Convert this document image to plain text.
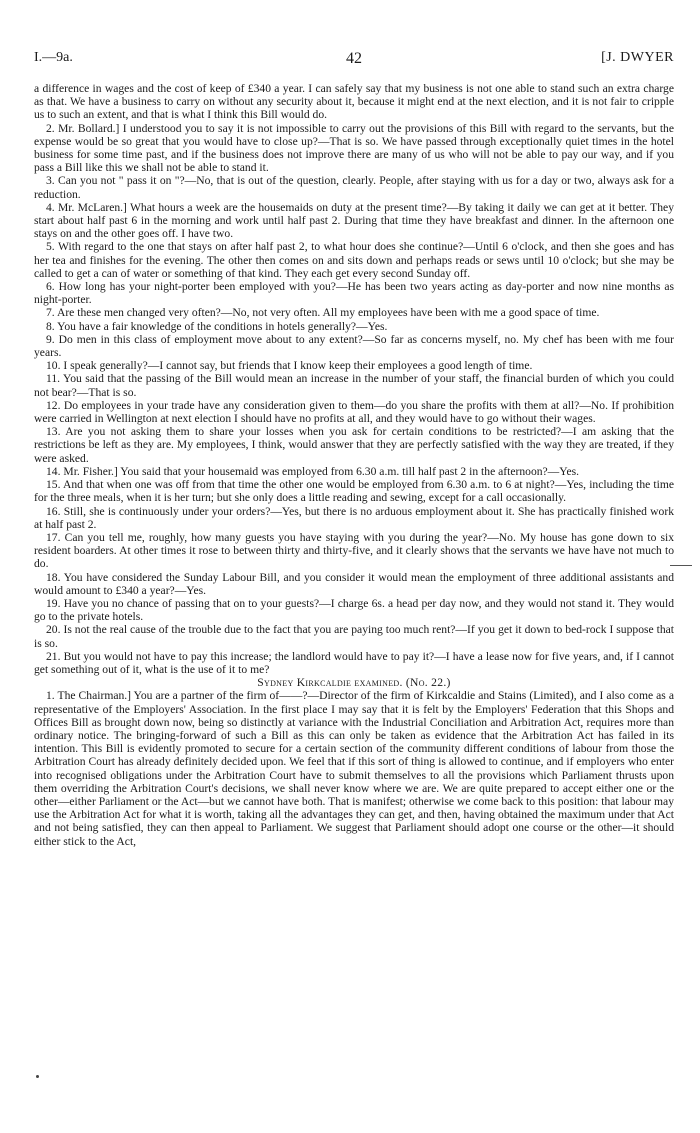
I.—9a.	42	[J. DWYER

a difference in wages and the cost of keep of £340 a year. I can safely say that my business is not one able to stand such an extra charge as that. We have a business to carry on without any security about it, because it might end at the next election, and it is not fair to cripple us to such an extent, and that is what I think this Bill would do.

2. Mr. Bollard.] I understood you to say it is not impossible to carry out the provisions of this Bill with regard to the servants, but the expense would be so great that you would have to close up?—That is so. We have passed through exceptionally quiet times in the hotel business for some time past, and if the business does not improve there are many of us who will not be able to pay our way, and if you pass a Bill like this we shall not be able to stand it.

3. Can you not " pass it on "?—No, that is out of the question, clearly. People, after staying with us for a day or two, always ask for a reduction.

4. Mr. McLaren.] What hours a week are the housemaids on duty at the present time?—By taking it daily we can get at it better. They start about half past 6 in the morning and work until half past 2. During that time they have breakfast and dinner. In the afternoon one stays on and the other goes off. I have two.

5. With regard to the one that stays on after half past 2, to what hour does she continue?—Until 6 o'clock, and then she goes and has her tea and finishes for the evening. The other then comes on and sits down and perhaps reads or sews until 10 o'clock; but she may be called to get a can of water or something of that kind. They each get every second Sunday off.

6. How long has your night-porter been employed with you?—He has been two years acting as day-porter and now nine months as night-porter.

7. Are these men changed very often?—No, not very often. All my employees have been with me a good space of time.

8. You have a fair knowledge of the conditions in hotels generally?—Yes.

9. Do men in this class of employment move about to any extent?—So far as concerns myself, no. My chef has been with me four years.

10. I speak generally?—I cannot say, but friends that I know keep their employees a good length of time.

11. You said that the passing of the Bill would mean an increase in the number of your staff, the financial burden of which you could not bear?—That is so.

12. Do employees in your trade have any consideration given to them—do you share the profits with them at all?—No. If prohibition were carried in Wellington at next election I should have no profits at all, and they would have to go without their wages.

13. Are you not asking them to share your losses when you ask for certain conditions to be restricted?—I am asking that the restrictions be left as they are. My employees, I think, would answer that they are perfectly satisfied with the way they are treated, if they were asked.

14. Mr. Fisher.] You said that your housemaid was employed from 6.30 a.m. till half past 2 in the afternoon?—Yes.

15. And that when one was off from that time the other one would be employed from 6.30 a.m. to 6 at night?—Yes, including the time for the three meals, when it is her turn; but she only does a little reading and sewing, except for a call occasionally.

16. Still, she is continuously under your orders?—Yes, but there is no arduous employment about it. She has practically finished work at half past 2.

17. Can you tell me, roughly, how many guests you have staying with you during the year?—No. My house has gone down to six resident boarders. At other times it rose to between thirty and thirty-five, and it clearly shows that the servants we have have not much to do.

18. You have considered the Sunday Labour Bill, and you consider it would mean the employment of three additional assistants and would amount to £340 a year?—Yes.

19. Have you no chance of passing that on to your guests?—I charge 6s. a head per day now, and they would not stand it. They would go to the private hotels.

20. Is not the real cause of the trouble due to the fact that you are paying too much rent?—If you get it down to bed-rock I suppose that is so.

21. But you would not have to pay this increase; the landlord would have to pay it?—I have a lease now for five years, and, if I cannot get something out of it, what is the use of it to me?

Sydney Kirkcaldie examined. (No. 22.)

1. The Chairman.] You are a partner of the firm of——?—Director of the firm of Kirkcaldie and Stains (Limited), and I also come as a representative of the Employers' Association. In the first place I may say that it is felt by the Employers' Federation that this Shops and Offices Bill as brought down now, being so distinctly at variance with the Industrial Conciliation and Arbitration Act, requires more than ordinary notice. The bringing-forward of such a Bill as this can only be taken as evidence that the Arbitration Act has failed in its intention. This Bill is evidently promoted to secure for a certain section of the community different conditions of labour from those the Arbitration Court has already definitely decided upon. We feel that if this sort of thing is allowed to continue, and if employers who enter into recognised obligations under the Arbitration Court have to submit themselves to all the provisions which Parliament thrusts upon them overriding the Arbitration Court's decisions, we shall never know where we are. We are quite prepared to accept either one or the other—either Parliament or the Act—but we cannot have both. That is manifest; otherwise we come back to this position: that labour may use the Arbitration Act for what it is worth, taking all the advantages they can get, and then, having obtained the maximum under that Act and not being satisfied, they can then appeal to Parliament. We suggest that Parliament should adopt one course or the other—it should either stick to the Act,
